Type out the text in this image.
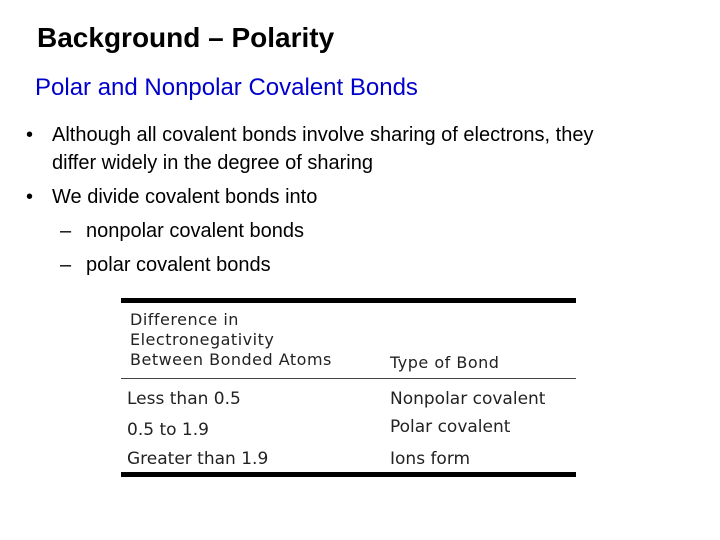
Background – Polarity
Polar and Nonpolar Covalent Bonds
• Although all covalent bonds involve sharing of electrons, they
differ widely in the degree of sharing
• We divide covalent bonds into
– nonpolar covalent bonds
– polar covalent bonds
Difference in
Electronegativity
Between Bonded Atoms	Type of Bond
Less than 0.5	Nonpolar covalent
0.5 to 1.9	Polar covalent
Greater than 1.9	Ions form
